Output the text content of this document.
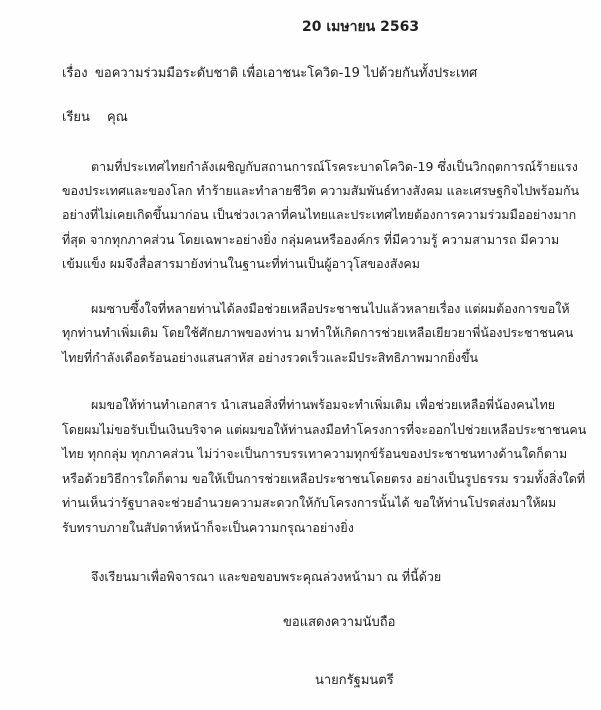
20 เมษายน 2563
เรื่อง ขอความร่วมมือระดับชาติ เพื่อเอาชนะโควิด-19 ไปด้วยกันทั้งประเทศ
เรียน คุณ
ตามที่ประเทศไทยกำลังเผชิญกับสถานการณ์โรคระบาดโควิด-19 ซึ่งเป็นวิกฤตการณ์ร้ายแรง
ของประเทศและของโลก ทำร้ายและทำลายชีวิต ความสัมพันธ์ทางสังคม และเศรษฐกิจไปพร้อมกัน
อย่างที่ไม่เคยเกิดขึ้นมาก่อน เป็นช่วงเวลาที่คนไทยและประเทศไทยต้องการความร่วมมืออย่างมาก
ที่สุด จากทุกภาคส่วน โดยเฉพาะอย่างยิ่ง กลุ่มคนหรือองค์กร ที่มีความรู้ ความสามารถ มีความ
เข้มแข็ง ผมจึงสื่อสารมายังท่านในฐานะที่ท่านเป็นผู้อาวุโสของสังคม
ผมซาบซึ้งใจที่หลายท่านได้ลงมือช่วยเหลือประชาชนไปแล้วหลายเรื่อง แต่ผมต้องการขอให้
ทุกท่านทำเพิ่มเติม โดยใช้ศักยภาพของท่าน มาทำให้เกิดการช่วยเหลือเยียวยาพี่น้องประชาชนคน
ไทยที่กำลังเดือดร้อนอย่างแสนสาหัส อย่างรวดเร็วและมีประสิทธิภาพมากยิ่งขึ้น
ผมขอให้ท่านทำเอกสาร นำเสนอสิ่งที่ท่านพร้อมจะทำเพิ่มเติม เพื่อช่วยเหลือพี่น้องคนไทย
โดยผมไม่ขอรับเป็นเงินบริจาค แต่ผมขอให้ท่านลงมือทำโครงการที่จะออกไปช่วยเหลือประชาชนคน
ไทย ทุกกลุ่ม ทุกภาคส่วน ไม่ว่าจะเป็นการบรรเทาความทุกข์ร้อนของประชาชนทางด้านใดก็ตาม
หรือด้วยวิธีการใดก็ตาม ขอให้เป็นการช่วยเหลือประชาชนโดยตรง อย่างเป็นรูปธรรม รวมทั้งสิ่งใดที่
ท่านเห็นว่ารัฐบาลจะช่วยอำนวยความสะดวกให้กับโครงการนั้นได้ ขอให้ท่านโปรดส่งมาให้ผม
รับทราบภายในสัปดาห์หน้าก็จะเป็นความกรุณาอย่างยิ่ง
จึงเรียนมาเพื่อพิจารณา และขอขอบพระคุณล่วงหน้ามา ณ ที่นี้ด้วย
ขอแสดงความนับถือ
นายกรัฐมนตรี
